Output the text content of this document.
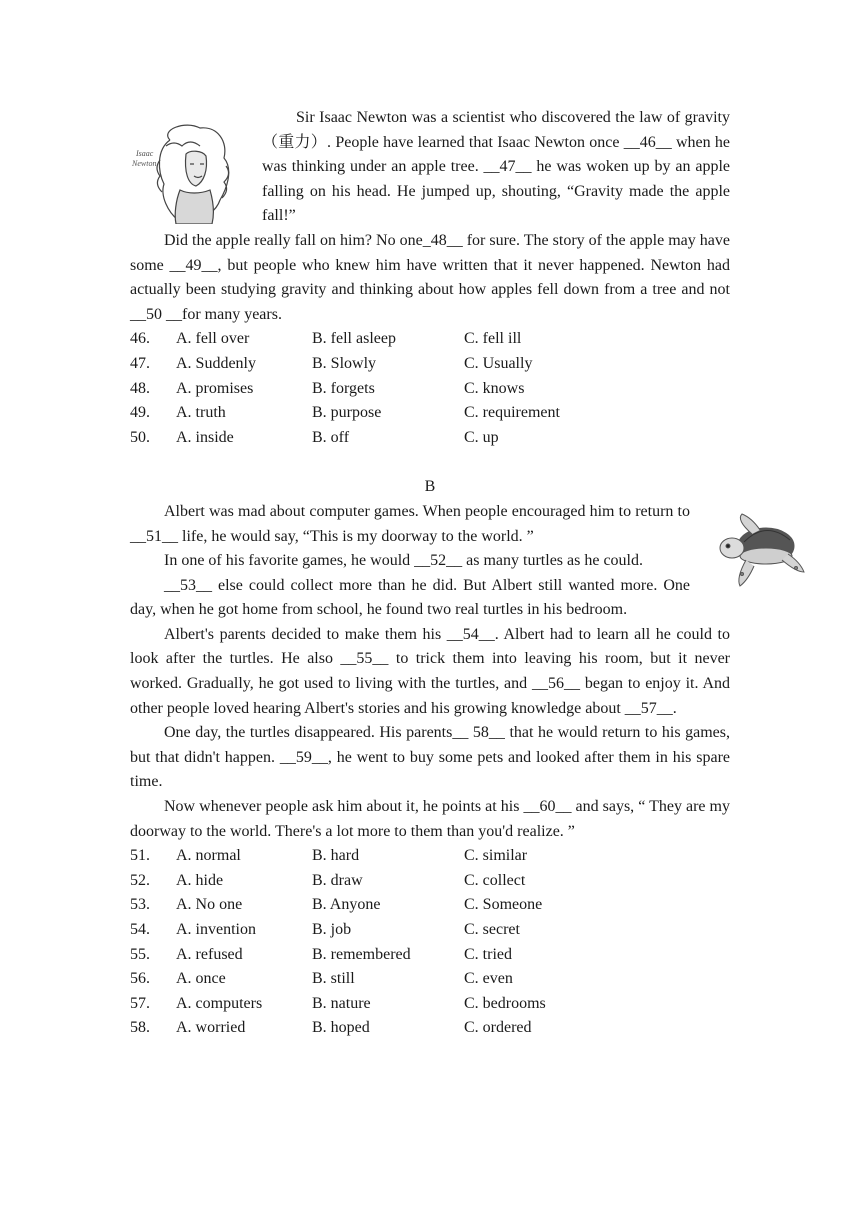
Isaac
Newton

Sir Isaac Newton was a scientist who discovered the law of gravity（重力）. People have learned that Isaac Newton once __46__ when he was thinking under an apple tree. __47__ he was woken up by an apple falling on his head. He jumped up, shouting, “Gravity made the apple fall!”

Did the apple really fall on him? No one_48__ for sure. The story of the apple may have some __49__, but people who knew him have written that it never happened. Newton had actually been studying gravity and thinking about how apples fell down from a tree and not __50 __for many years.

46.	A. fell over	B. fell asleep	C. fell ill
47.	A. Suddenly	B. Slowly	C. Usually
48.	A. promises	B. forgets	C. knows
49.	A. truth	B. purpose	C. requirement
50.	A. inside	B. off	C. up

B

Albert was mad about computer games. When people encouraged him to return to __51__ life, he would say, “This is my doorway to the world. ”

In one of his favorite games, he would __52__ as many turtles as he could.

__53__ else could collect more than he did. But Albert still wanted more. One day, when he got home from school, he found two real turtles in his bedroom.

Albert's parents decided to make them his __54__. Albert had to learn all he could to look after the turtles. He also __55__ to trick them into leaving his room, but it never worked. Gradually, he got used to living with the turtles, and __56__ began to enjoy it. And other people loved hearing Albert's stories and his growing knowledge about __57__.

One day, the turtles disappeared. His parents__ 58__ that he would return to his games, but that didn't happen. __59__, he went to buy some pets and looked after them in his spare time.

Now whenever people ask him about it, he points at his __60__ and says, “ They are my doorway to the world. There's a lot more to them than you'd realize. ”

51.	A. normal	B. hard	C. similar
52.	A. hide	B. draw	C. collect
53.	A. No one	B. Anyone	C. Someone
54.	A. invention	B. job	C. secret
55.	A. refused	B. remembered	C. tried
56.	A. once	B. still	C. even
57.	A. computers	B. nature	C. bedrooms
58.	A. worried	B. hoped	C. ordered
